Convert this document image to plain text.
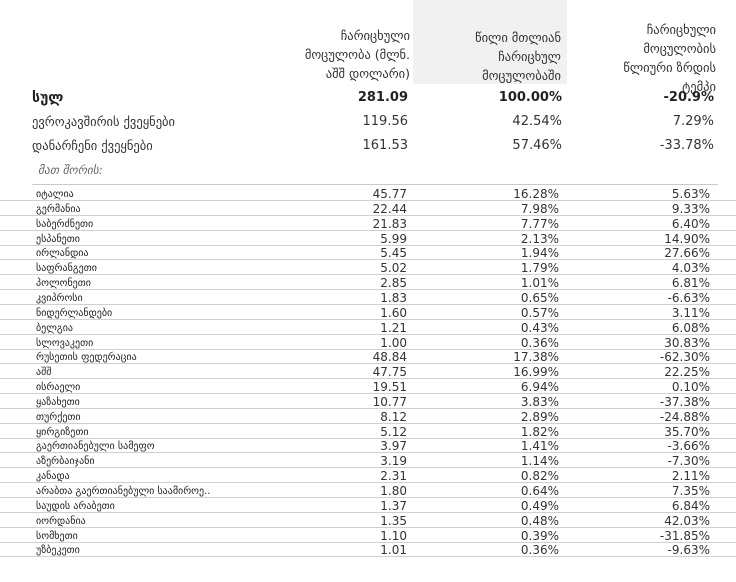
ჩარიცხული
მოცულობა (მლნ.
აშშ დოლარი)

წილი მთლიან
ჩარიცხულ
მოცულობაში

ჩარიცხული
მოცულობის
წლიური ზრდის
ტემპი

სულ	281.09	100.00%	-20.9%
ევროკავშირის ქვეყნები	119.56	42.54%	7.29%
დანარჩენი ქვეყნები	161.53	57.46%	-33.78%
მათ შორის:
იტალია	45.77	16.28%	5.63%
გერმანია	22.44	7.98%	9.33%
საბერძნეთი	21.83	7.77%	6.40%
ესპანეთი	5.99	2.13%	14.90%
ირლანდია	5.45	1.94%	27.66%
საფრანგეთი	5.02	1.79%	4.03%
პოლონეთი	2.85	1.01%	6.81%
კვიპროსი	1.83	0.65%	-6.63%
ნიდერლანდები	1.60	0.57%	3.11%
ბელგია	1.21	0.43%	6.08%
სლოვაკეთი	1.00	0.36%	30.83%
რუსეთის ფედერაცია	48.84	17.38%	-62.30%
აშშ	47.75	16.99%	22.25%
ისრაელი	19.51	6.94%	0.10%
ყაზახეთი	10.77	3.83%	-37.38%
თურქეთი	8.12	2.89%	-24.88%
ყირგიზეთი	5.12	1.82%	35.70%
გაერთიანებული სამეფო	3.97	1.41%	-3.66%
აზერბაიჯანი	3.19	1.14%	-7.30%
კანადა	2.31	0.82%	2.11%
არაბთა გაერთიანებული საამიროე..	1.80	0.64%	7.35%
საუდის არაბეთი	1.37	0.49%	6.84%
იორდანია	1.35	0.48%	42.03%
სომხეთი	1.10	0.39%	-31.85%
უზბეკეთი	1.01	0.36%	-9.63%
